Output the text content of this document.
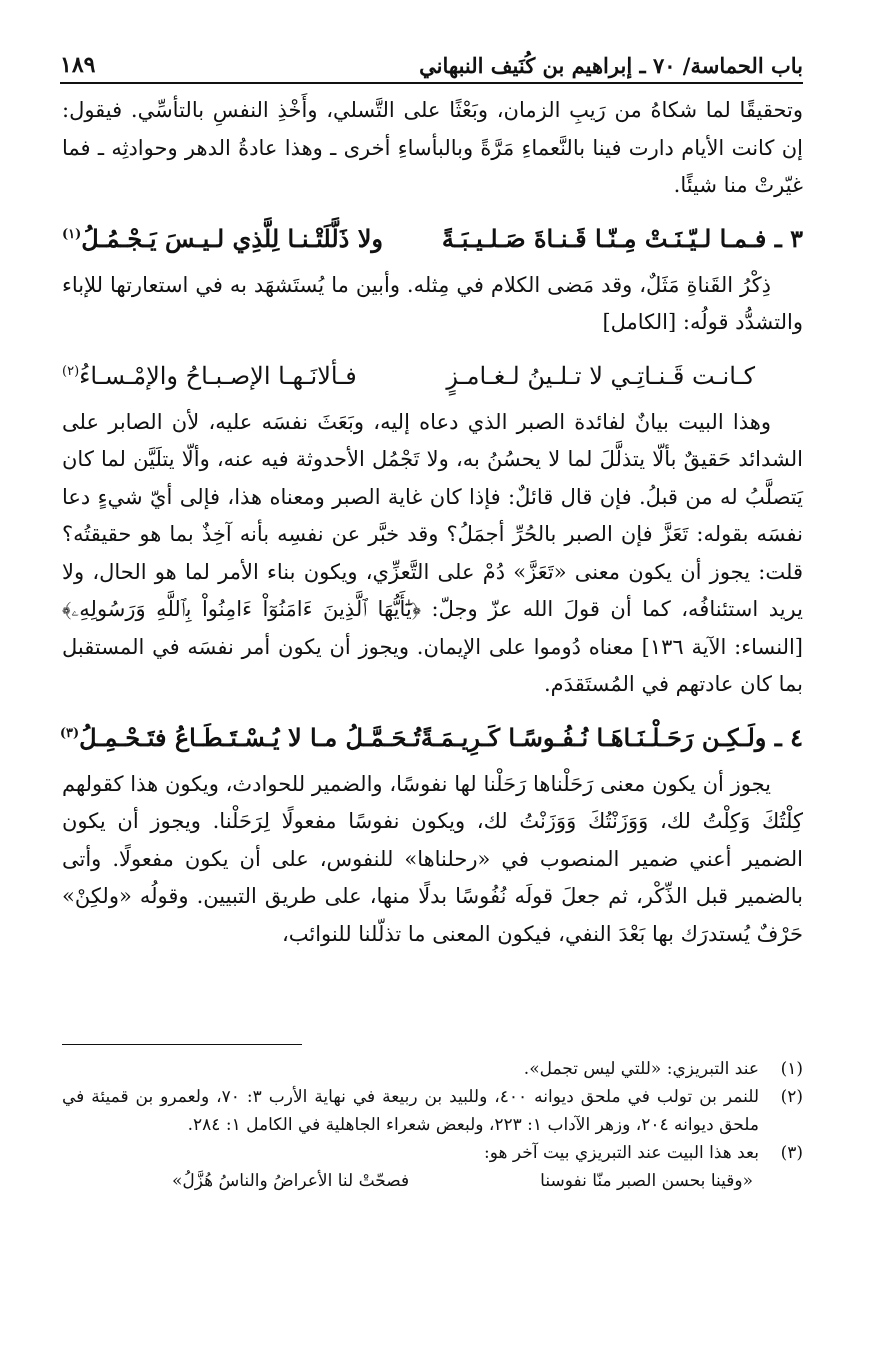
باب الحماسة/ ٧٠ ـ إبراهيم بن كُنَيف النبهاني
١٨٩

وتحقيقًا لما شكاهُ من رَيبِ الزمان، وبَعْثًا على التَّسلي، وأَخْذِ النفسِ بالتأسِّي. فيقول: إن كانت الأيام دارت فينا بالنَّعماءِ مَرَّةً وبالبأساءِ أخرى ـ وهذا عادةُ الدهر وحوادثِه ـ فما غيّرتْ منا شيئًا.

٣ ـ فـمـا لـيّـنَـتْ مِـنّـا قَـنـاةَ صَـلـيـبَـةً
ولا ذَلَّلَتْـنـا لِلَّذِي لـيـسَ يَـجْـمُـلُ$^{(١)}$

ذِكْرُ القَناةِ مَثَلٌ، وقد مَضى الكلام في مِثله. وأبين ما يُستَشهَد به في استعارتها للإباء والتشدُّد قولُه: [الكامل]

كـانـت قَـنـاتِـي لا تـلـينُ لـغـامـزٍ
فـألانَـهـا الإصـبـاحُ والإمْـسـاءُ$^{(٢)}$

وهذا البيت بيانٌ لفائدة الصبر الذي دعاه إليه، وبَعَثَ نفسَه عليه، لأن الصابر على الشدائد حَقيقٌ بألّا يتذلَّلَ لما لا يحسُنُ به، ولا تَجْمُل الأحدوثة فيه عنه، وألّا يتلَيَّن لما كان يَتصلَّبُ له من قبلُ. فإن قال قائلٌ: فإذا كان غاية الصبر ومعناه هذا، فإلى أيّ شيءٍ دعا نفسَه بقوله: تَعَزَّ فإن الصبر بالحُرِّ أجمَلُ؟ وقد خبَّر عن نفسِه بأنه آخِذٌ بما هو حقيقتُه؟ قلت: يجوز أن يكون معنى «تَعَزَّ» دُمْ على التَّعزِّي، ويكون بناء الأمر لما هو الحال، ولا يريد استئنافُه، كما أن قولَ الله عزّ وجلّ: ﴿يَٰٓأَيُّهَا ٱلَّذِينَ ءَامَنُوٓاْ ءَامِنُواْ بِٱللَّهِ وَرَسُولِهِۦ﴾ [النساء: الآية ١٣٦] معناه دُوموا على الإيمان. ويجوز أن يكون أمر نفسَه في المستقبل بما كان عادتهم في المُستَقدَم.

٤ ـ ولَـكِـن رَحَـلْـنَـاهَـا نُـفُـوسًـا كَـرِيـمَـةً
تُـحَـمَّـلُ مـا لا يُـسْـتَـطَـاعُ فتَـحْـمِـلُ$^{(٣)}$

يجوز أن يكون معنى رَحَلْناها رَحَلْنا لها نفوسًا، والضمير للحوادث، ويكون هذا كقولهم كِلْتُكَ وَكِلْتُ لك، وَوَزَنْتُكَ وَوَزَنْتُ لك، ويكون نفوسًا مفعولًا لِرَحَلْنا. ويجوز أن يكون الضمير أعني ضمير المنصوب في «رحلناها» للنفوس، على أن يكون مفعولًا. وأتى بالضمير قبل الذِّكْر، ثم جعلَ قولَه نُفُوسًا بدلًا منها، على طريق التبيين. وقولُه «ولكِنْ» حَرْفٌ يُستدرَك بها بَعْدَ النفي، فيكون المعنى ما تذلّلنا للنوائب،

(١)
عند التبريزي: «للتي ليس تجمل».
(٢)
للنمر بن تولب في ملحق ديوانه ٤٠٠، وللبيد بن ربيعة في نهاية الأرب ٣: ٧٠، ولعمرو بن قميئة في ملحق ديوانه ٢٠٤، وزهر الآداب ١: ٢٢٣، ولبعض شعراء الجاهلية في الكامل ١: ٢٨٤.
(٣)
بعد هذا البيت عند التبريزي بيت آخر هو:
«وقينا بحسن الصبر منّا نفوسنا
فصحّتْ لنا الأعراضُ والناسُ هُزَّلُ»
